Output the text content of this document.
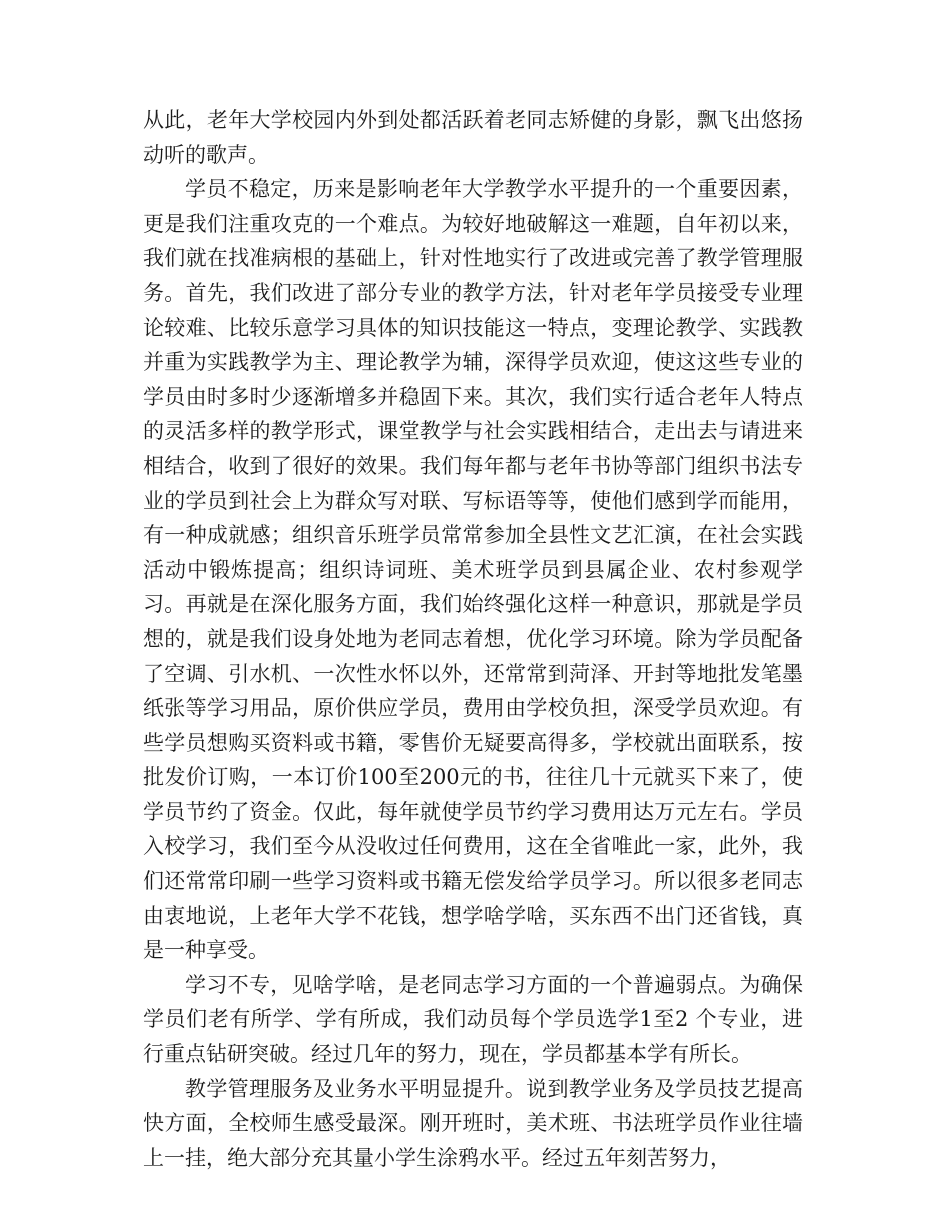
从此，老年大学校园内外到处都活跃着老同志矫健的身影，飘飞出悠扬动听的歌声。

学员不稳定，历来是影响老年大学教学水平提升的一个重要因素，更是我们注重攻克的一个难点。为较好地破解这一难题，自年初以来，我们就在找准病根的基础上，针对性地实行了改进或完善了教学管理服务。首先，我们改进了部分专业的教学方法，针对老年学员接受专业理论较难、比较乐意学习具体的知识技能这一特点，变理论教学、实践教并重为实践教学为主、理论教学为辅，深得学员欢迎，使这这些专业的学员由时多时少逐渐增多并稳固下来。其次，我们实行适合老年人特点的灵活多样的教学形式，课堂教学与社会实践相结合，走出去与请进来相结合，收到了很好的效果。我们每年都与老年书协等部门组织书法专业的学员到社会上为群众写对联、写标语等等，使他们感到学而能用，有一种成就感；组织音乐班学员常常参加全县性文艺汇演，在社会实践活动中锻炼提高；组织诗词班、美术班学员到县属企业、农村参观学习。再就是在深化服务方面，我们始终强化这样一种意识，那就是学员想的，就是我们设身处地为老同志着想，优化学习环境。除为学员配备了空调、引水机、一次性水怀以外，还常常到菏泽、开封等地批发笔墨纸张等学习用品，原价供应学员，费用由学校负担，深受学员欢迎。有些学员想购买资料或书籍，零售价无疑要高得多，学校就出面联系，按批发价订购，一本订价100至200元的书，往往几十元就买下来了，使学员节约了资金。仅此，每年就使学员节约学习费用达万元左右。学员入校学习，我们至今从没收过任何费用，这在全省唯此一家，此外，我们还常常印刷一些学习资料或书籍无偿发给学员学习。所以很多老同志由衷地说，上老年大学不花钱，想学啥学啥，买东西不出门还省钱，真是一种享受。

学习不专，见啥学啥，是老同志学习方面的一个普遍弱点。为确保学员们老有所学、学有所成，我们动员每个学员选学1至2 个专业，进行重点钻研突破。经过几年的努力，现在，学员都基本学有所长。

教学管理服务及业务水平明显提升。说到教学业务及学员技艺提高快方面，全校师生感受最深。刚开班时，美术班、书法班学员作业往墙上一挂，绝大部分充其量小学生涂鸦水平。经过五年刻苦努力，
